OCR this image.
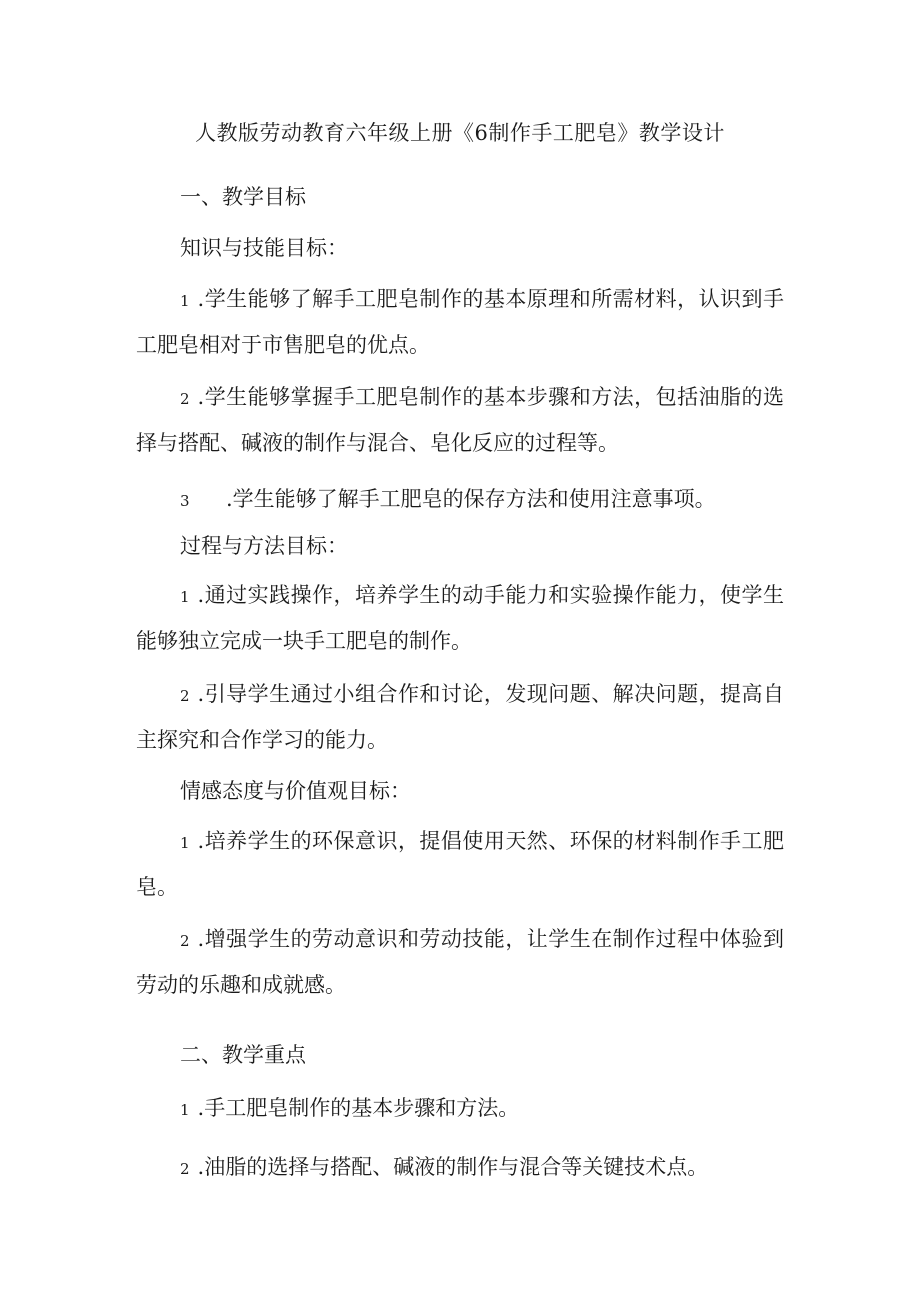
人教版劳动教育六年级上册《6制作手工肥皂》教学设计
一、教学目标
知识与技能目标：
1 .学生能够了解手工肥皂制作的基本原理和所需材料，认识到手
工肥皂相对于市售肥皂的优点。
2 .学生能够掌握手工肥皂制作的基本步骤和方法，包括油脂的选
择与搭配、碱液的制作与混合、皂化反应的过程等。
3 .学生能够了解手工肥皂的保存方法和使用注意事项。
过程与方法目标：
1 .通过实践操作，培养学生的动手能力和实验操作能力，使学生
能够独立完成一块手工肥皂的制作。
2 .引导学生通过小组合作和讨论，发现问题、解决问题，提高自
主探究和合作学习的能力。
情感态度与价值观目标：
1 .培养学生的环保意识，提倡使用天然、环保的材料制作手工肥
皂。
2 .增强学生的劳动意识和劳动技能，让学生在制作过程中体验到
劳动的乐趣和成就感。
二、教学重点
1 .手工肥皂制作的基本步骤和方法。
2 .油脂的选择与搭配、碱液的制作与混合等关键技术点。
